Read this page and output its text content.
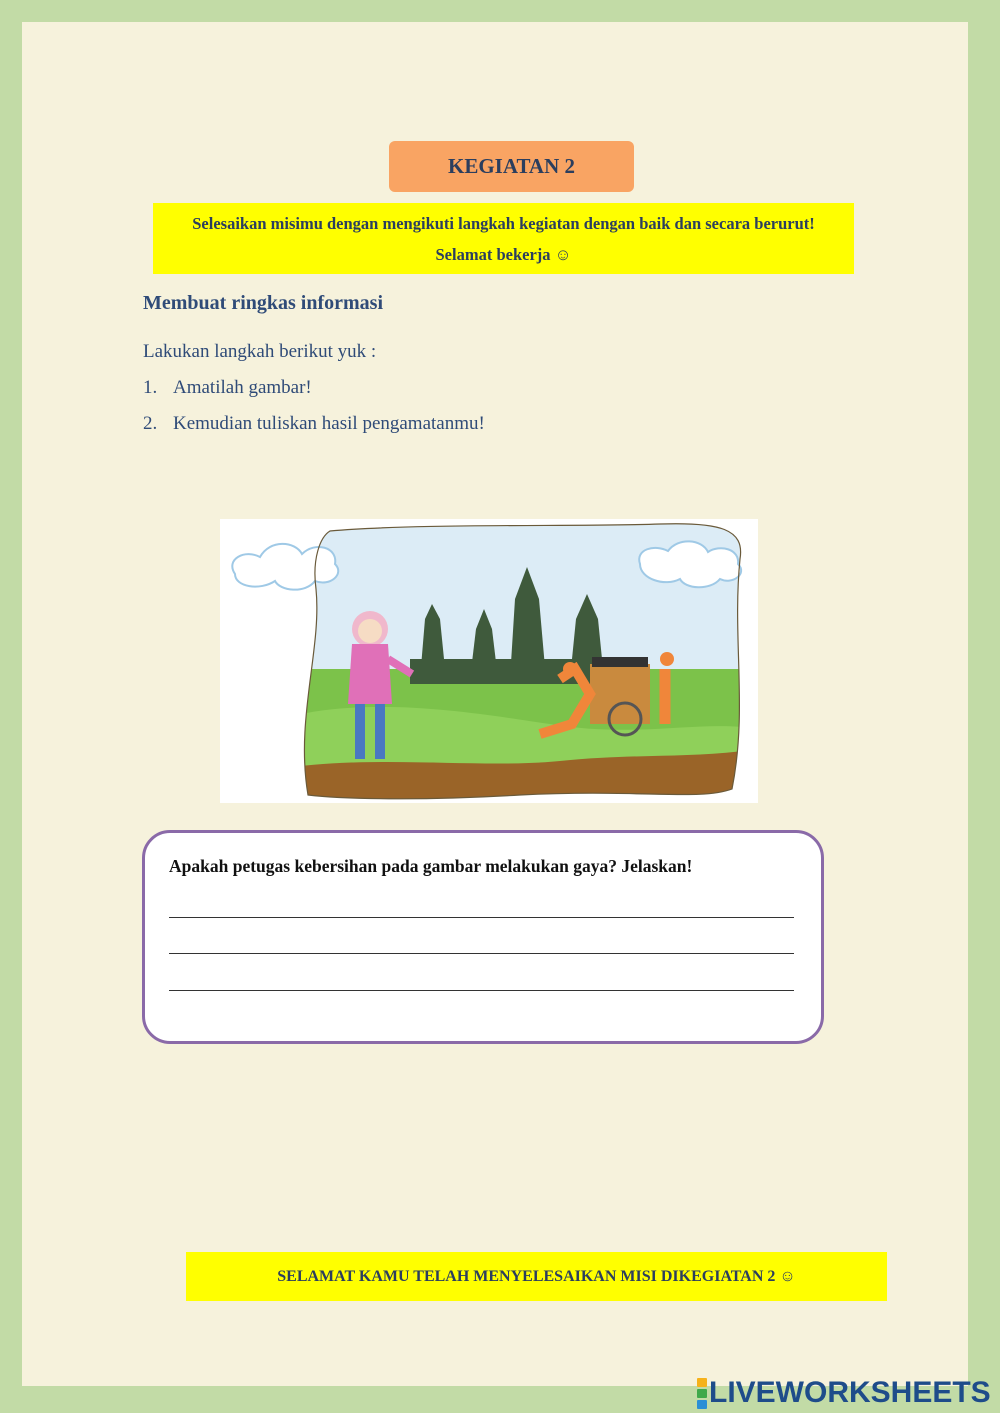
KEGIATAN 2
Selesaikan misimu dengan mengikuti langkah kegiatan dengan baik dan secara berurut! Selamat bekerja ☺
Membuat ringkas informasi
Lakukan langkah berikut yuk :
1. Amatilah gambar!
2. Kemudian tuliskan hasil pengamatanmu!
Apakah petugas kebersihan pada gambar melakukan gaya? Jelaskan!
SELAMAT KAMU TELAH MENYELESAIKAN MISI DIKEGIATAN 2 ☺
LIVEWORKSHEETS
